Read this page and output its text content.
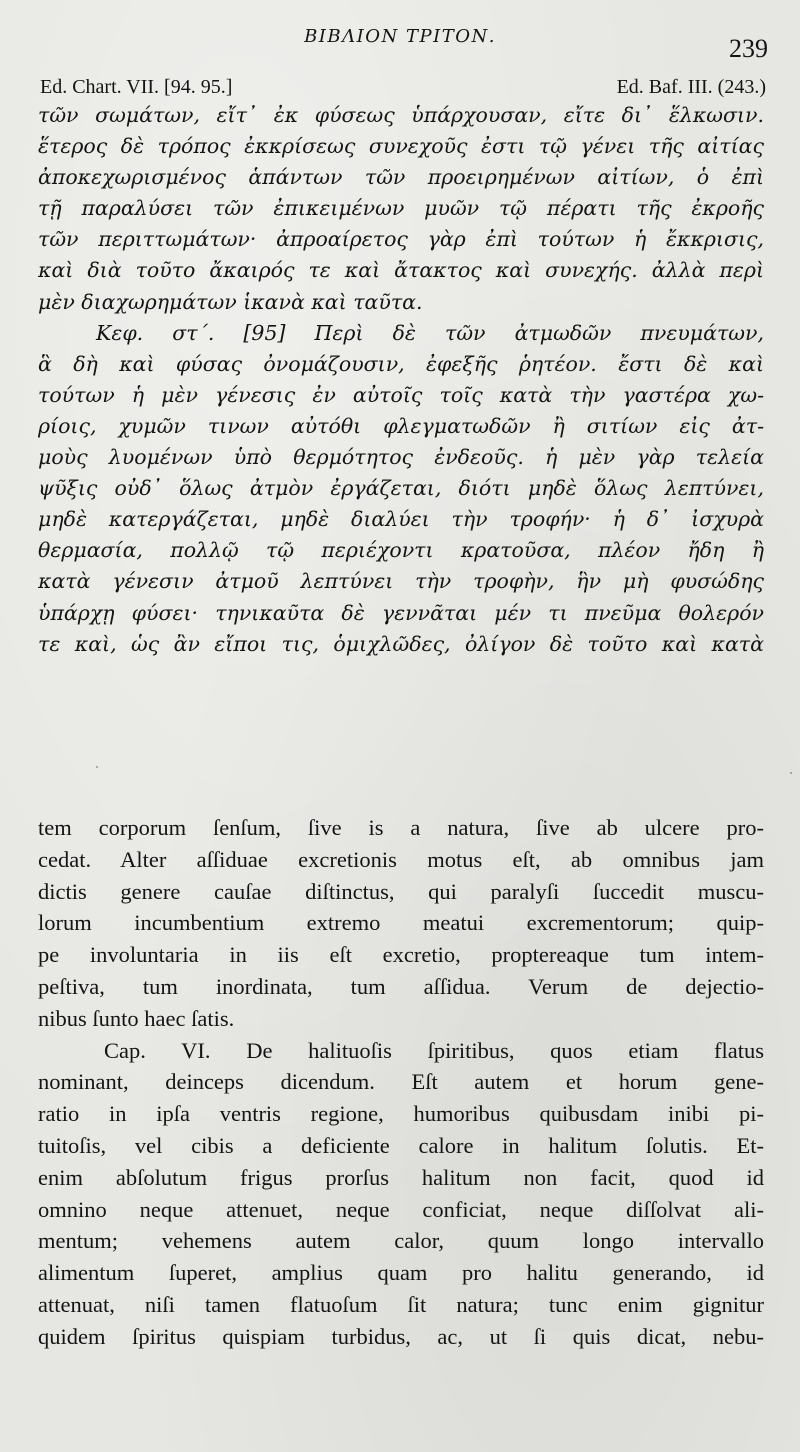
ΒΙΒΛΙΟΝ ΤΡΙΤΟΝ.	239
Ed. Chart. VII. [94. 95.]	Ed. Baf. III. (243.)
τῶν σωμάτων, εἴτ᾽ ἐκ φύσεως ὑπάρχουσαν, εἴτε δι᾽ ἕλκωσιν.
ἕτερος δὲ τρόπος ἐκκρίσεως συνεχοῦς ἐστι τῷ γένει τῆς αἰτίας
ἀποκεχωρισμένος ἁπάντων τῶν προειρημένων αἰτίων, ὁ ἐπὶ
τῇ παραλύσει τῶν ἐπικειμένων μυῶν τῷ πέρατι τῆς ἐκροῆς
τῶν περιττωμάτων· ἀπροαίρετος γὰρ ἐπὶ τούτων ἡ ἔκκρισις,
καὶ διὰ τοῦτο ἄκαιρός τε καὶ ἄτακτος καὶ συνεχής. ἀλλὰ περὶ
μὲν διαχωρημάτων ἱκανὰ καὶ ταῦτα.
Κεφ. στ΄. [95] Περὶ δὲ τῶν ἀτμωδῶν πνευμάτων,
ἃ δὴ καὶ φύσας ὀνομάζουσιν, ἐφεξῆς ῥητέον. ἔστι δὲ καὶ
τούτων ἡ μὲν γένεσις ἐν αὐτοῖς τοῖς κατὰ τὴν γαστέρα χω-
ρίοις, χυμῶν τινων αὐτόθι φλεγματωδῶν ἢ σιτίων εἰς ἀτ-
μοὺς λυομένων ὑπὸ θερμότητος ἐνδεοῦς. ἡ μὲν γὰρ τελεία
ψῦξις οὐδ᾽ ὅλως ἀτμὸν ἐργάζεται, διότι μηδὲ ὅλως λεπτύνει,
μηδὲ κατεργάζεται, μηδὲ διαλύει τὴν τροφήν· ἡ δ᾽ ἰσχυρὰ
θερμασία, πολλῷ τῷ περιέχοντι κρατοῦσα, πλέον ἤδη ἢ
κατὰ γένεσιν ἀτμοῦ λεπτύνει τὴν τροφὴν, ἣν μὴ φυσώδης
ὑπάρχῃ φύσει· τηνικαῦτα δὲ γεννᾶται μέν τι πνεῦμα θολερόν
τε καὶ, ὡς ἂν εἴποι τις, ὁμιχλῶδες, ὀλίγον δὲ τοῦτο καὶ κατὰ
tem corporum ſenſum, ſive is a natura, ſive ab ulcere pro-
cedat. Alter aſſiduae excretionis motus eſt, ab omnibus jam
dictis genere cauſae diſtinctus, qui paralyſi ſuccedit muscu-
lorum incumbentium extremo meatui excrementorum; quip-
pe involuntaria in iis eſt excretio, proptereaque tum intem-
peſtiva, tum inordinata, tum aſſidua. Verum de dejectio-
nibus ſunto haec ſatis.
Cap. VI. De halituoſis ſpiritibus, quos etiam flatus
nominant, deinceps dicendum. Eſt autem et horum gene-
ratio in ipſa ventris regione, humoribus quibusdam inibi pi-
tuitoſis, vel cibis a deficiente calore in halitum ſolutis. Et-
enim abſolutum frigus prorſus halitum non facit, quod id
omnino neque attenuet, neque conficiat, neque diſſolvat ali-
mentum; vehemens autem calor, quum longo intervallo
alimentum ſuperet, amplius quam pro halitu generando, id
attenuat, niſi tamen flatuoſum ſit natura; tunc enim gignitur
quidem ſpiritus quispiam turbidus, ac, ut ſi quis dicat, nebu-
